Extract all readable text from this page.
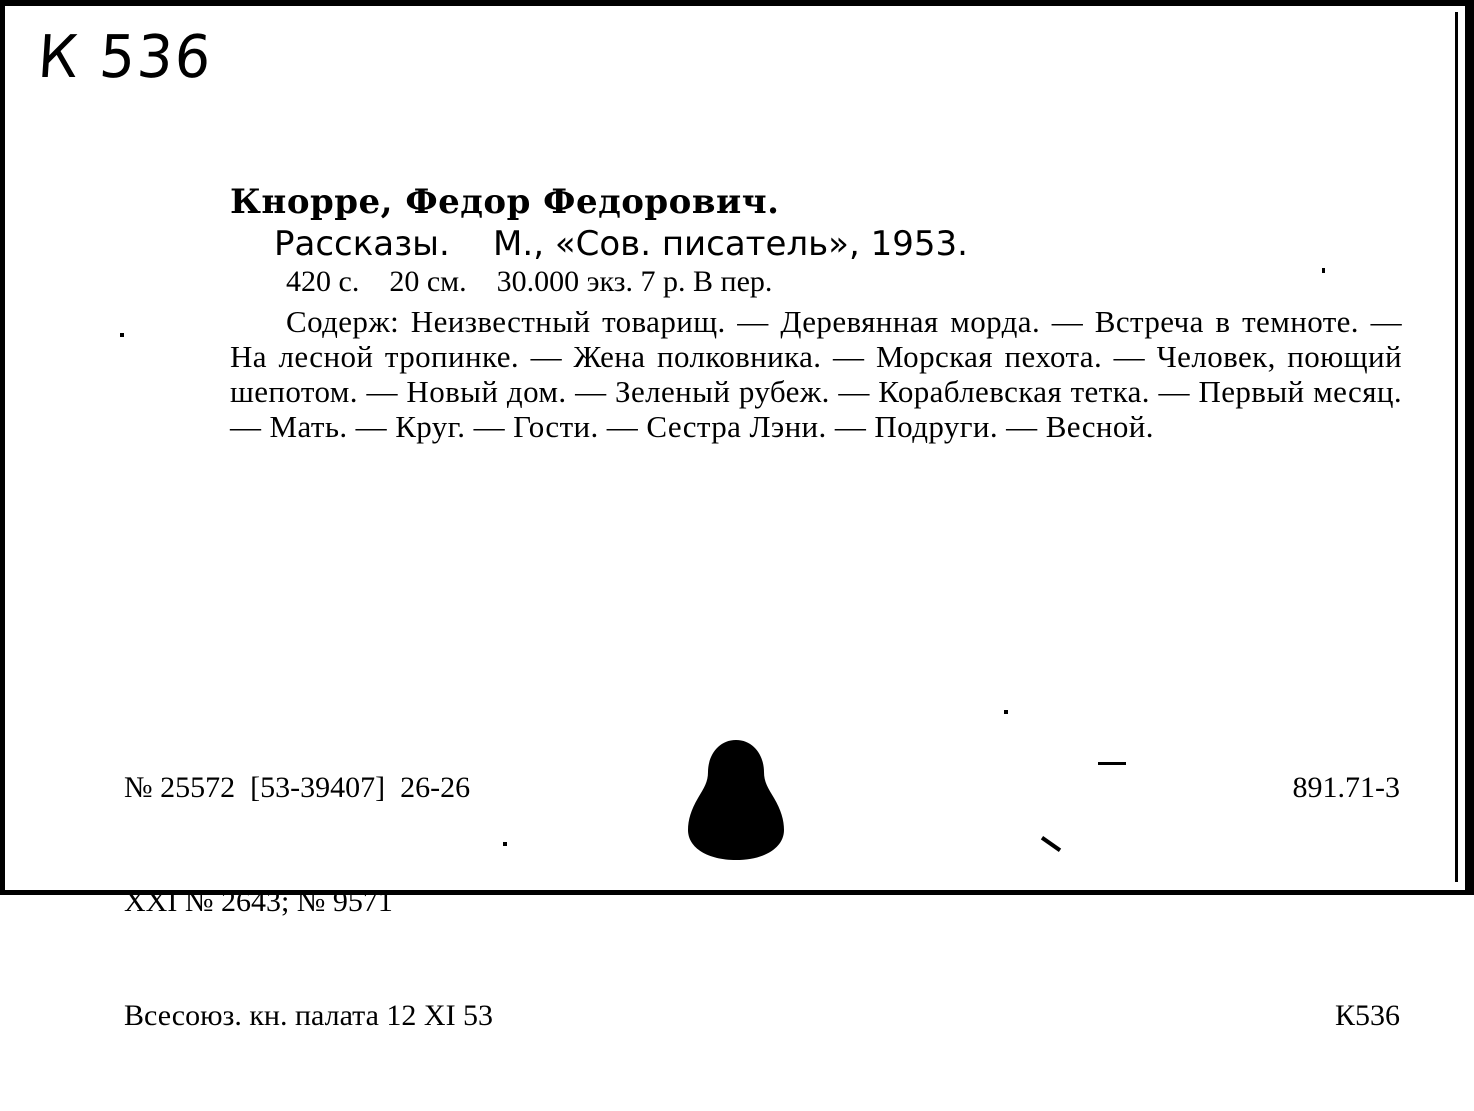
К 536
Кнорре, Федор Федорович.
Рассказы.    М., «Сов. писатель», 1953.
420 с.    20 см.    30.000 экз. 7 р. В пер.
Содерж: Неизвестный товарищ. — Деревянная морда. — Встреча в темноте. — На лесной тропинке. — Жена полковника. — Морская пехота. — Человек, поющий шепотом. — Новый дом. — Зеленый рубеж. — Кораблевская тетка. — Первый месяц. — Мать. — Круг. — Гости. — Сестра Лэни. — Подруги. — Весной.

№ 25572  [53-39407]  26-26

XXI № 2643; № 9571

Всесоюз. кн. палата 12 XI 53

891.71-3

К536
